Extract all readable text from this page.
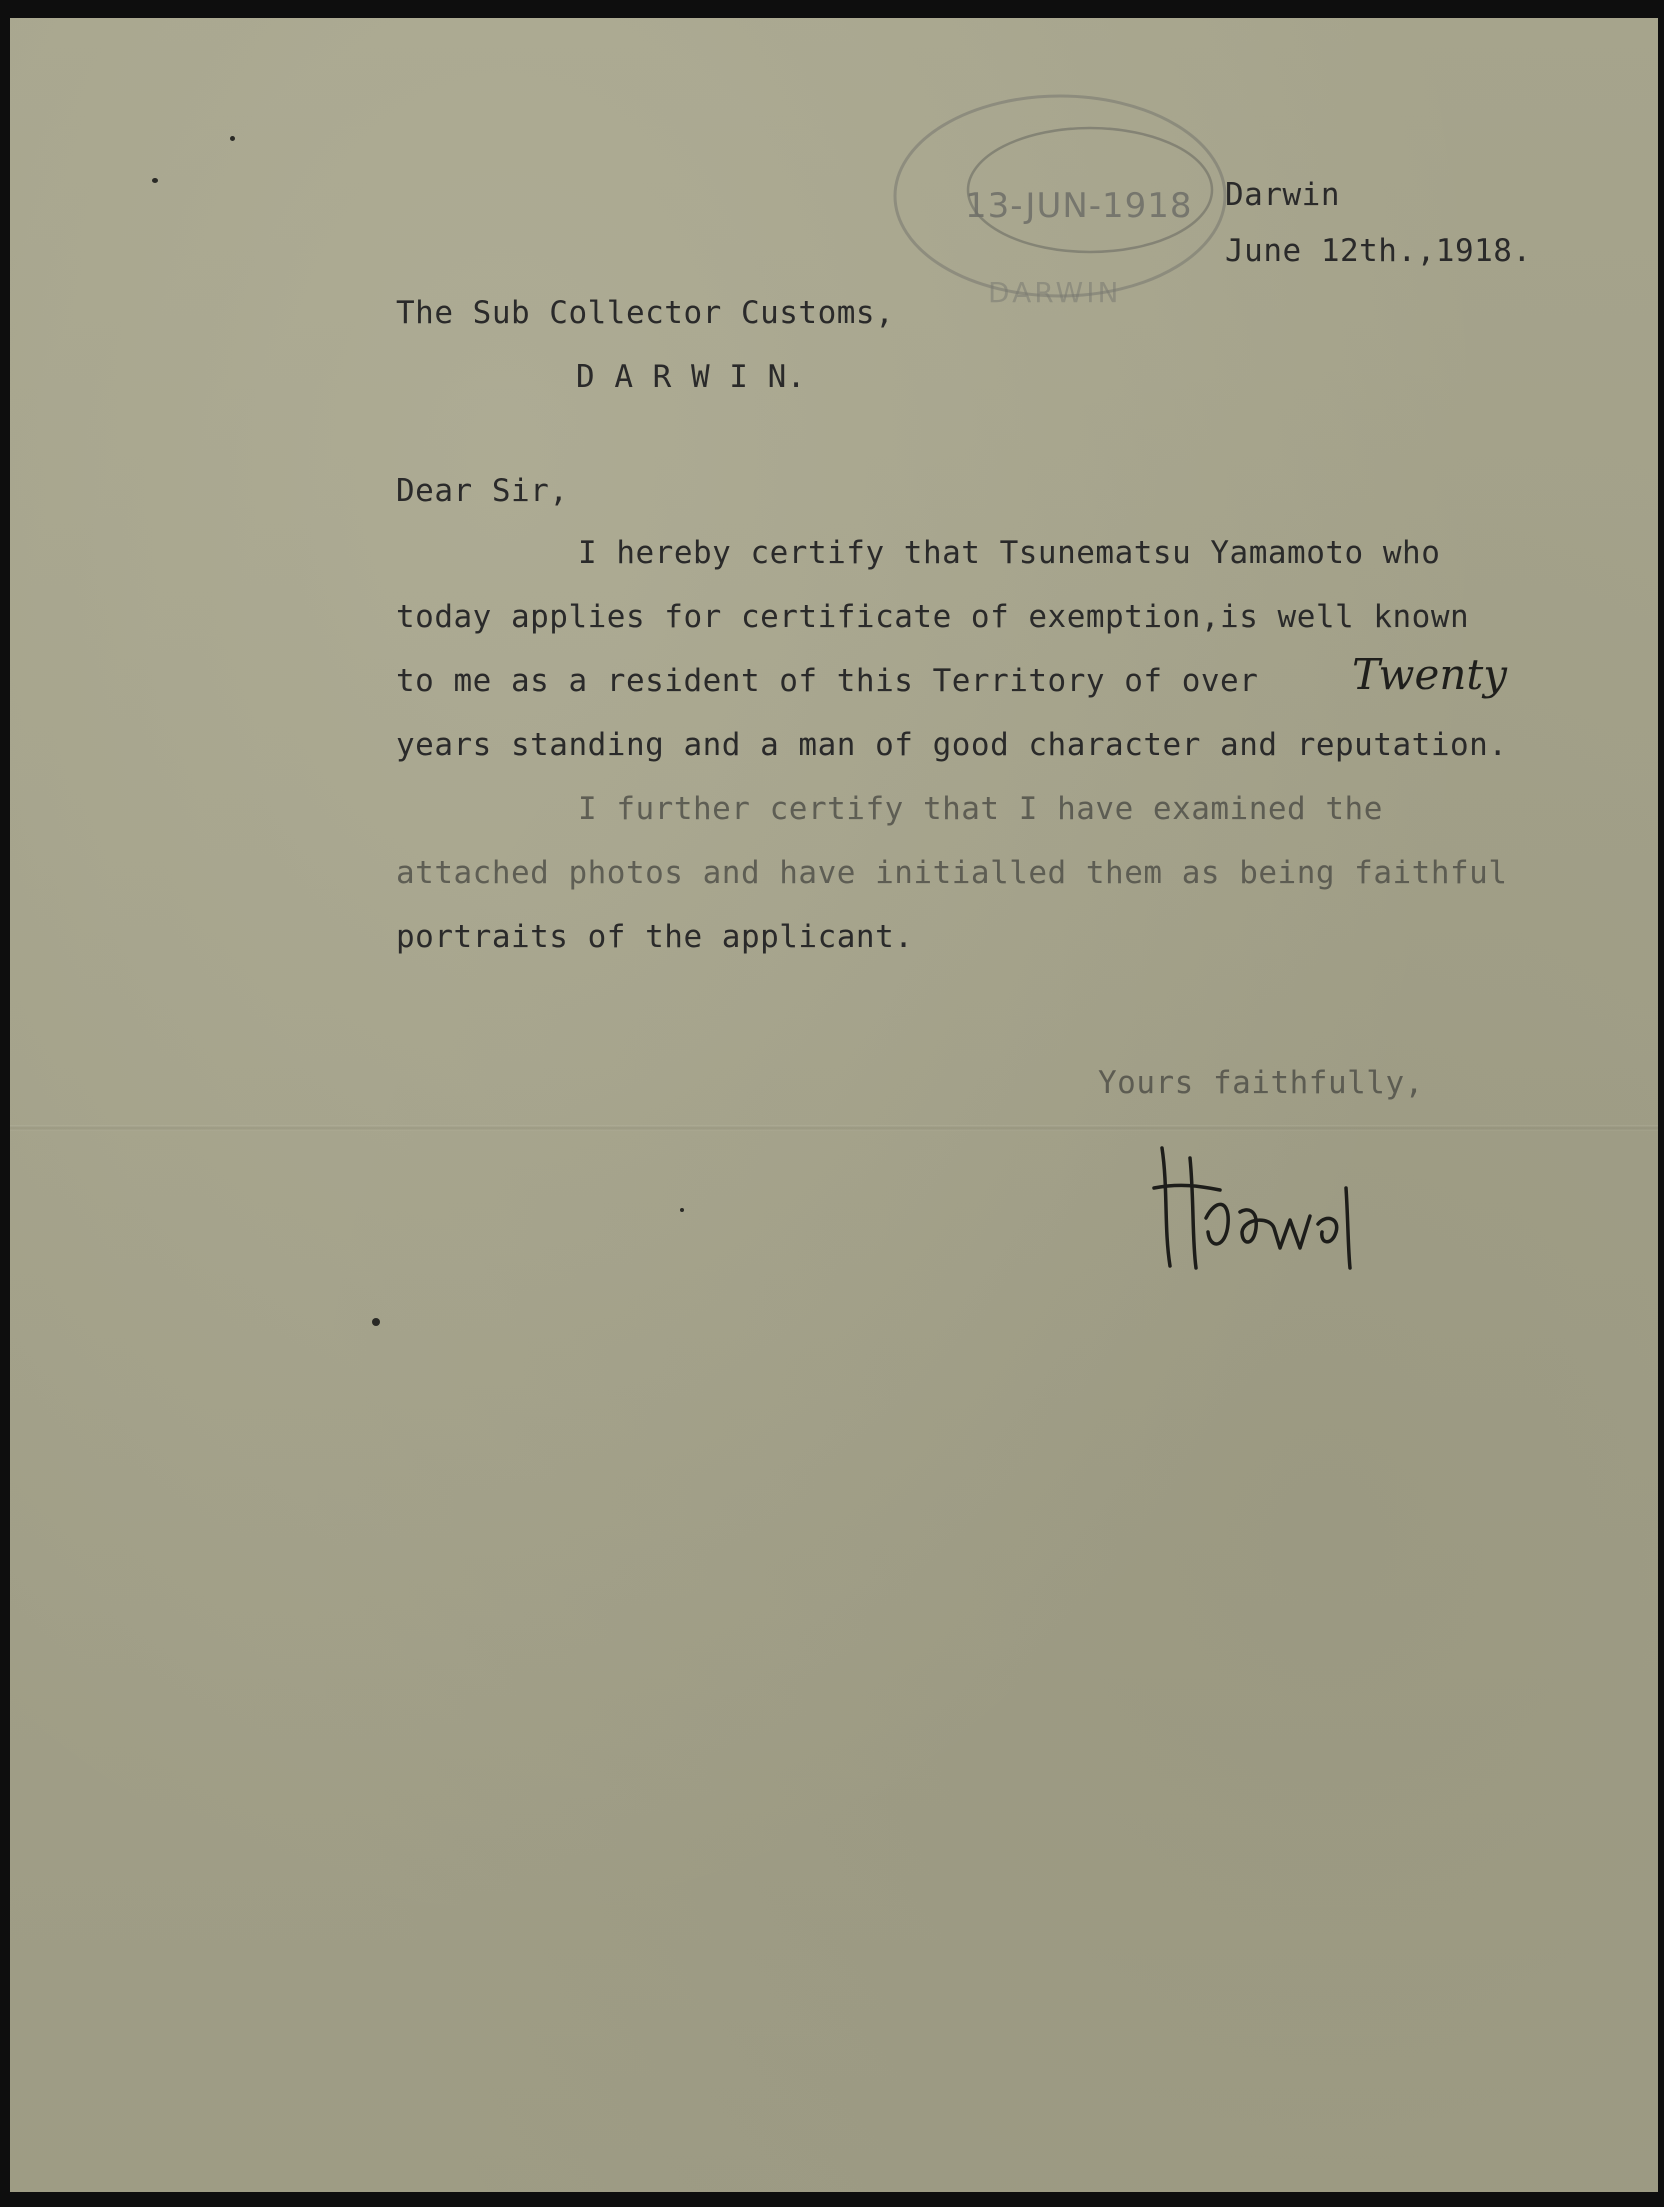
13-JUN-1918
DARWIN
Darwin
June 12th.,1918.
The Sub Collector Customs,
D A R W I N.
Dear Sir,
I hereby certify that Tsunematsu Yamamoto who
today applies for certificate of exemption,is well known
to me as a resident of this Territory of over Twenty
years standing and a man of good character and reputation.
I further certify that I have examined the
attached photos and have initialled them as being faithful
portraits of the applicant.
Yours faithfully,
